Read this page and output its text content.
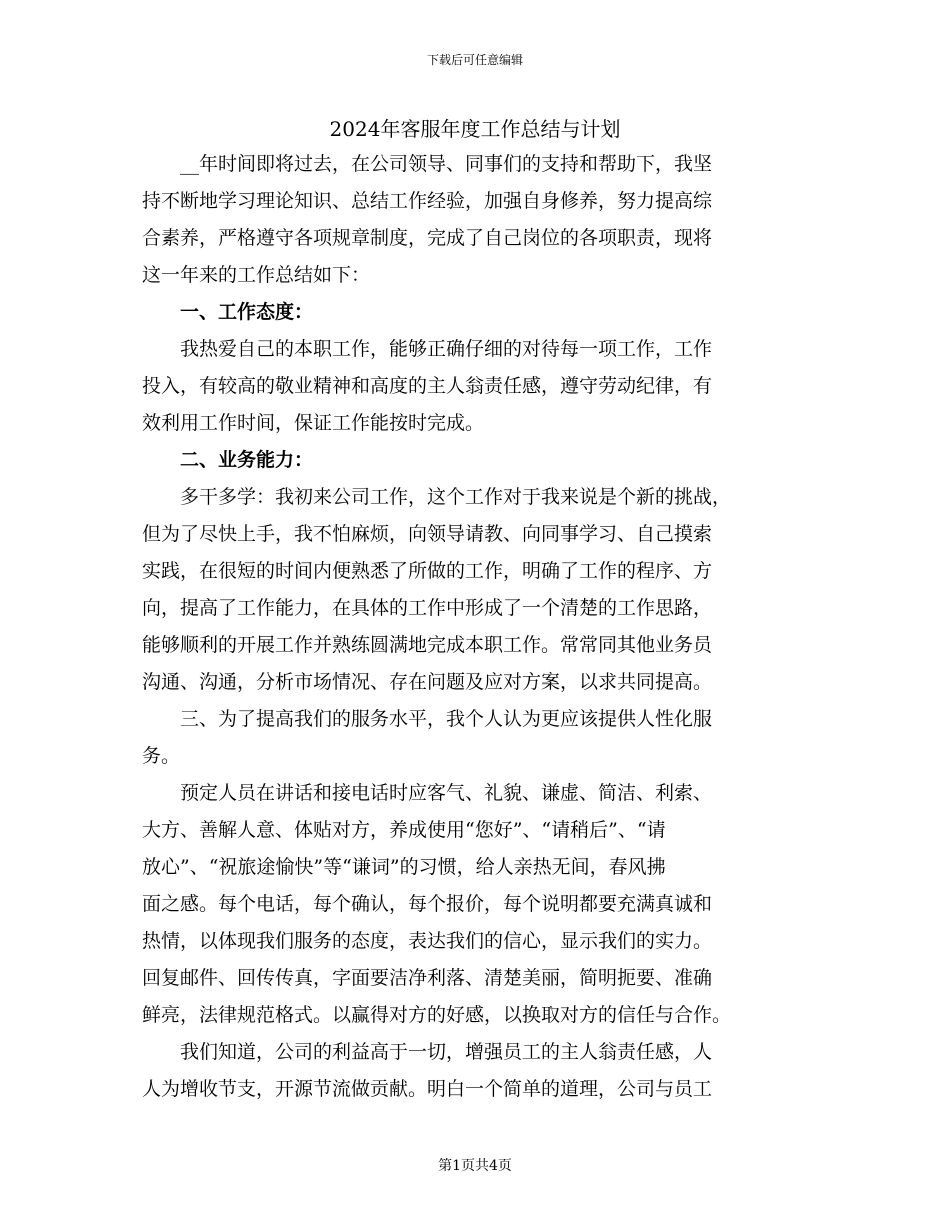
下载后可任意编辑
2024年客服年度工作总结与计划
__年时间即将过去，在公司领导、同事们的支持和帮助下，我坚
持不断地学习理论知识、总结工作经验，加强自身修养，努力提高综
合素养，严格遵守各项规章制度，完成了自己岗位的各项职责，现将
这一年来的工作总结如下：
一、工作态度：
我热爱自己的本职工作，能够正确仔细的对待每一项工作，工作
投入，有较高的敬业精神和高度的主人翁责任感，遵守劳动纪律，有
效利用工作时间，保证工作能按时完成。
二、业务能力：
多干多学：我初来公司工作，这个工作对于我来说是个新的挑战，
但为了尽快上手，我不怕麻烦，向领导请教、向同事学习、自己摸索
实践，在很短的时间内便熟悉了所做的工作，明确了工作的程序、方
向，提高了工作能力，在具体的工作中形成了一个清楚的工作思路，
能够顺利的开展工作并熟练圆满地完成本职工作。常常同其他业务员
沟通、沟通，分析市场情况、存在问题及应对方案，以求共同提高。
三、为了提高我们的服务水平，我个人认为更应该提供人性化服
务。
预定人员在讲话和接电话时应客气、礼貌、谦虚、简洁、利索、
大方、善解人意、体贴对方，养成使用“您好”、“请稍后”、“请
放心”、“祝旅途愉快”等“谦词”的习惯，给人亲热无间，春风拂
面之感。每个电话，每个确认，每个报价，每个说明都要充满真诚和
热情，以体现我们服务的态度，表达我们的信心，显示我们的实力。
回复邮件、回传传真，字面要洁净利落、清楚美丽，简明扼要、准确
鲜亮，法律规范格式。以赢得对方的好感，以换取对方的信任与合作。
我们知道，公司的利益高于一切，增强员工的主人翁责任感，人
人为增收节支，开源节流做贡献。明白一个简单的道理，公司与员工
第1页共4页
